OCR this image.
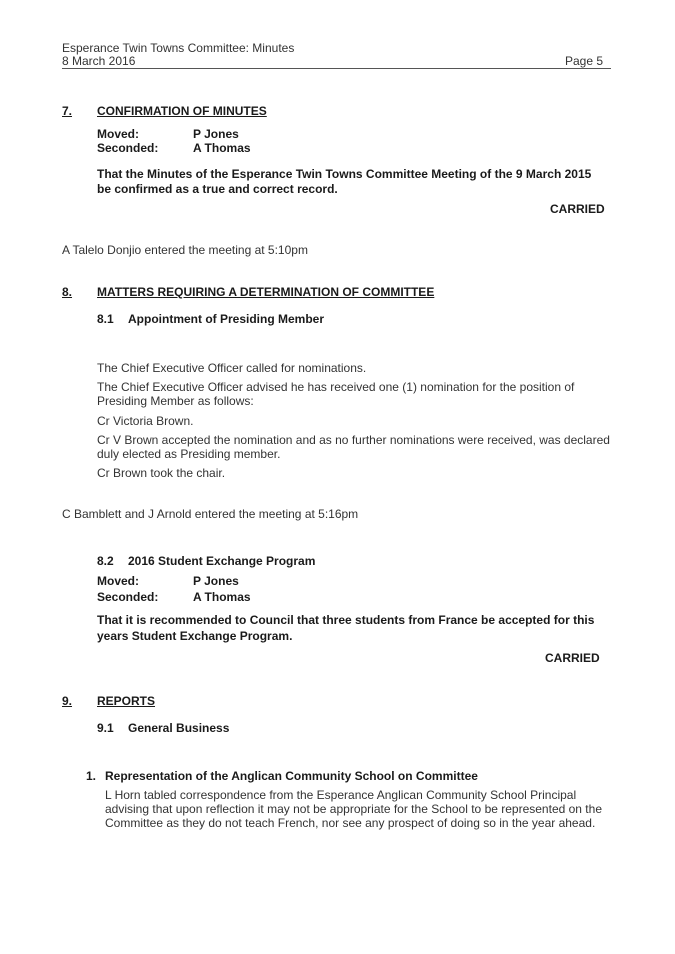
Esperance Twin Towns Committee: Minutes
8 March 2016	Page 5
7. CONFIRMATION OF MINUTES
Moved:	P Jones
Seconded:	A Thomas
That the Minutes of the Esperance Twin Towns Committee Meeting of the 9 March 2015
be confirmed as a true and correct record.
CARRIED
A Talelo Donjio entered the meeting at 5:10pm
8. MATTERS REQUIRING A DETERMINATION OF COMMITTEE
8.1 Appointment of Presiding Member
The Chief Executive Officer called for nominations.
The Chief Executive Officer advised he has received one (1) nomination for the position of
Presiding Member as follows:
Cr Victoria Brown.
Cr V Brown accepted the nomination and as no further nominations were received, was declared
duly elected as Presiding member.
Cr Brown took the chair.
C Bamblett and J Arnold entered the meeting at 5:16pm
8.2 2016 Student Exchange Program
Moved:	P Jones
Seconded:	A Thomas
That it is recommended to Council that three students from France be accepted for this
years Student Exchange Program.
CARRIED
9. REPORTS
9.1 General Business
1. Representation of the Anglican Community School on Committee
L Horn tabled correspondence from the Esperance Anglican Community School Principal
advising that upon reflection it may not be appropriate for the School to be represented on the
Committee as they do not teach French, nor see any prospect of doing so in the year ahead.
